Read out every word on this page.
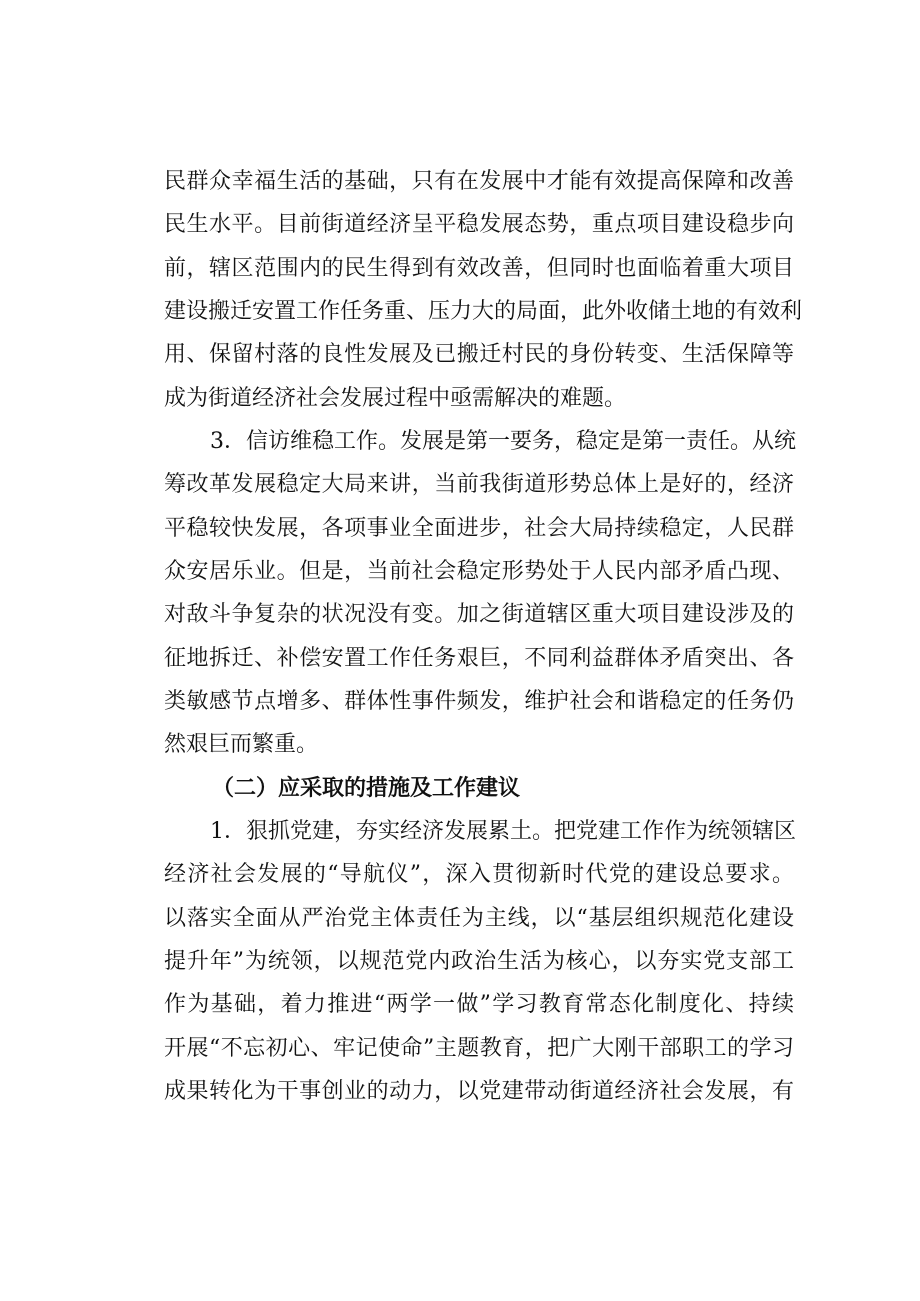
民群众幸福生活的基础，只有在发展中才能有效提高保障和改善
民生水平。目前街道经济呈平稳发展态势，重点项目建设稳步向
前，辖区范围内的民生得到有效改善，但同时也面临着重大项目
建设搬迁安置工作任务重、压力大的局面，此外收储土地的有效利
用、保留村落的良性发展及已搬迁村民的身份转变、生活保障等
成为街道经济社会发展过程中亟需解决的难题。
3．信访维稳工作。发展是第一要务，稳定是第一责任。从统
筹改革发展稳定大局来讲，当前我街道形势总体上是好的，经济
平稳较快发展，各项事业全面进步，社会大局持续稳定，人民群
众安居乐业。但是，当前社会稳定形势处于人民内部矛盾凸现、
对敌斗争复杂的状况没有变。加之街道辖区重大项目建设涉及的
征地拆迁、补偿安置工作任务艰巨，不同利益群体矛盾突出、各
类敏感节点增多、群体性事件频发，维护社会和谐稳定的任务仍
然艰巨而繁重。
（二）应采取的措施及工作建议
1．狠抓党建，夯实经济发展累土。把党建工作作为统领辖区
经济社会发展的“导航仪”，深入贯彻新时代党的建设总要求。
以落实全面从严治党主体责任为主线，以“基层组织规范化建设
提升年”为统领，以规范党内政治生活为核心，以夯实党支部工
作为基础，着力推进“两学一做”学习教育常态化制度化、持续
开展“不忘初心、牢记使命”主题教育，把广大刚干部职工的学习
成果转化为干事创业的动力，以党建带动街道经济社会发展，有
